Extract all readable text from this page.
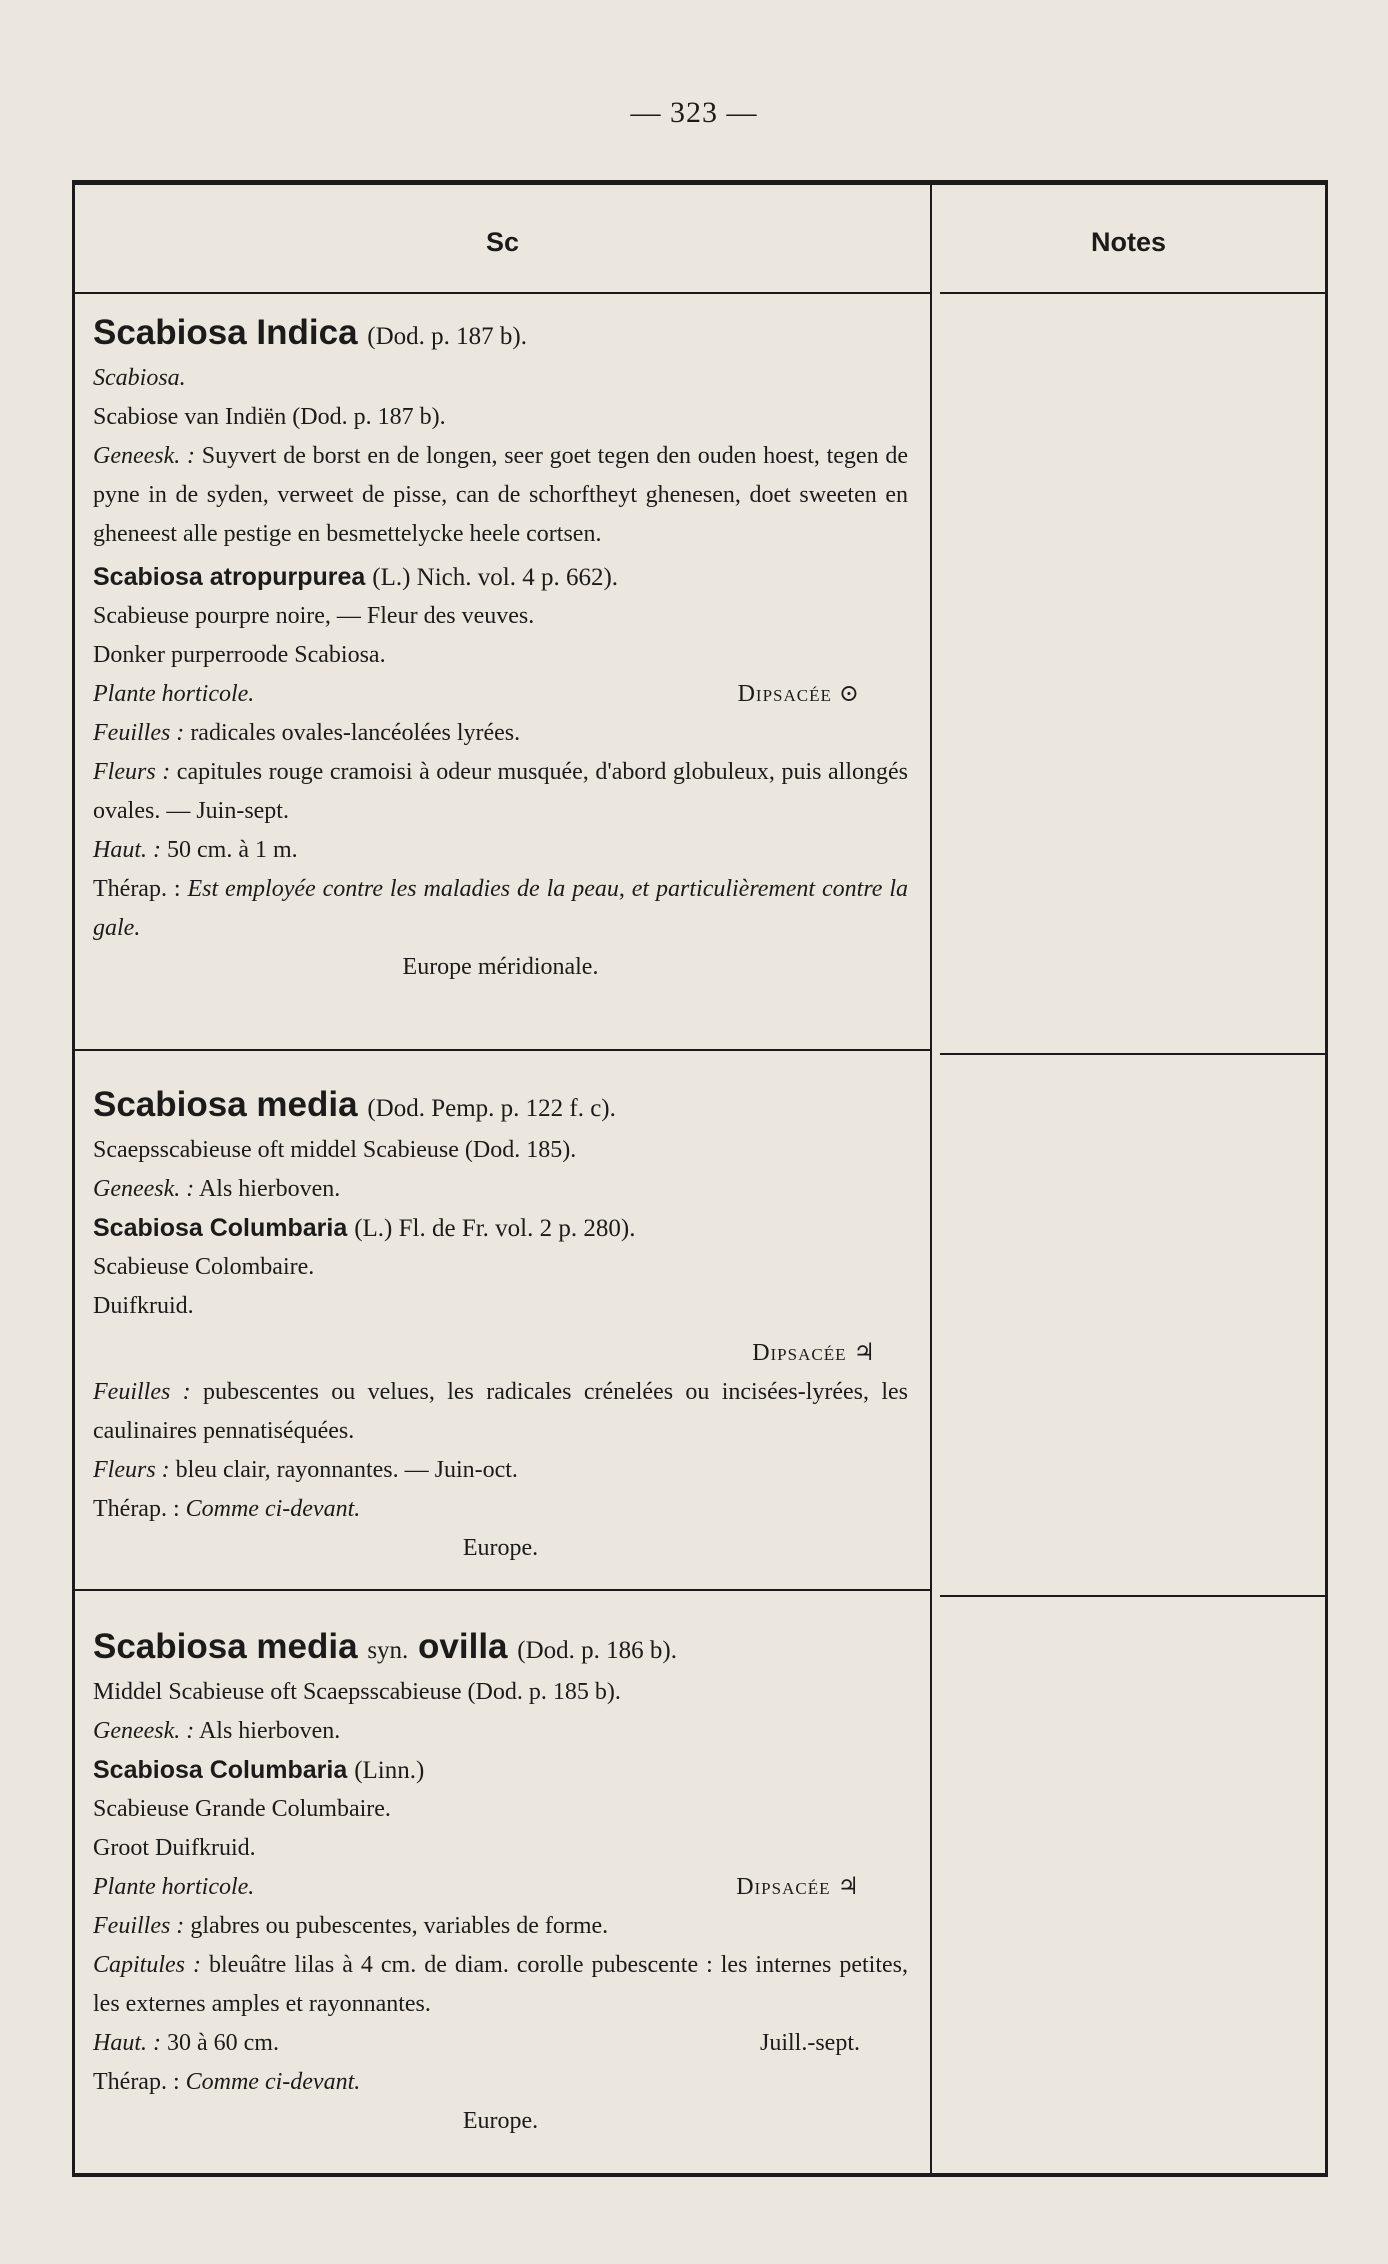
— 323 —
Sc	Notes

Scabiosa Indica (Dod. p. 187 b).

Scabiosa.

Scabiose van Indiën (Dod. p. 187 b).

Geneesk. : Suyvert de borst en de longen, seer goet tegen den ouden hoest, tegen de pyne in de syden, verweet de pisse, can de schorftheyt ghenesen, doet sweeten en gheneest alle pestige en besmettelycke heele cortsen.

Scabiosa atropurpurea (L.) Nich. vol. 4 p. 662).

Scabieuse pourpre noire, — Fleur des veuves.

Donker purperroode Scabiosa.

Plante horticole.	Dipsacée ⊙

Feuilles : radicales ovales-lancéolées lyrées.

Fleurs : capitules rouge cramoisi à odeur musquée, d'abord globuleux, puis allongés ovales. — Juin-sept.

Haut. : 50 cm. à 1 m.

Thérap. : Est employée contre les maladies de la peau, et particulièrement contre la gale.

Europe méridionale.

Scabiosa media (Dod. Pemp. p. 122 f. c).

Scaepsscabieuse oft middel Scabieuse (Dod. 185).

Geneesk. : Als hierboven.

Scabiosa Columbaria (L.) Fl. de Fr. vol. 2 p. 280).

Scabieuse Colombaire.

Duifkruid.

Dipsacée ♃

Feuilles : pubescentes ou velues, les radicales crénelées ou incisées-lyrées, les caulinaires pennatiséquées.

Fleurs : bleu clair, rayonnantes. — Juin-oct.

Thérap. : Comme ci-devant.

Europe.

Scabiosa media syn. ovilla (Dod. p. 186 b).

Middel Scabieuse oft Scaepsscabieuse (Dod. p. 185 b).

Geneesk. : Als hierboven.

Scabiosa Columbaria (Linn.)

Scabieuse Grande Columbaire.

Groot Duifkruid.

Plante horticole.	Dipsacée ♃

Feuilles : glabres ou pubescentes, variables de forme.

Capitules : bleuâtre lilas à 4 cm. de diam. corolle pubescente : les internes petites, les externes amples et rayonnantes.

Haut. : 30 à 60 cm.	Juill.-sept.

Thérap. : Comme ci-devant.

Europe.
